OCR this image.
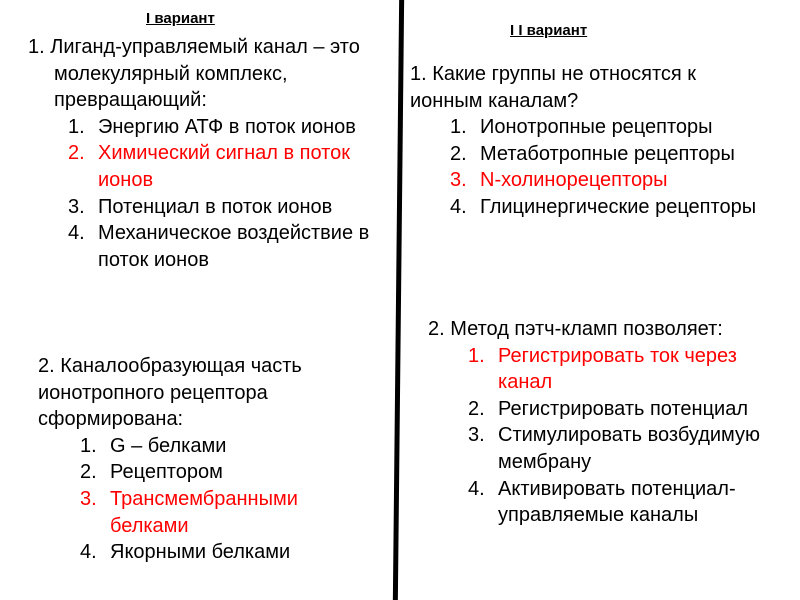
I вариант
1. Лиганд-управляемый канал – это молекулярный комплекс, превращающий:
1. Энергию АТФ в поток ионов
2. Химический сигнал в поток ионов
3. Потенциал в поток ионов
4. Механическое воздействие в поток ионов
2. Каналообразующая часть ионотропного рецептора сформирована:
1. G – белками
2. Рецептором
3. Трансмембранными белками
4. Якорными белками
I I вариант
1. Какие группы не относятся к ионным каналам?
1. Ионотропные рецепторы
2. Метаботропные рецепторы
3. N-холинорецепторы
4. Глицинергические рецепторы
2. Метод пэтч-кламп позволяет:
1. Регистрировать ток через канал
2. Регистрировать потенциал
3. Стимулировать возбудимую мембрану
4. Активировать потенциал-управляемые каналы
